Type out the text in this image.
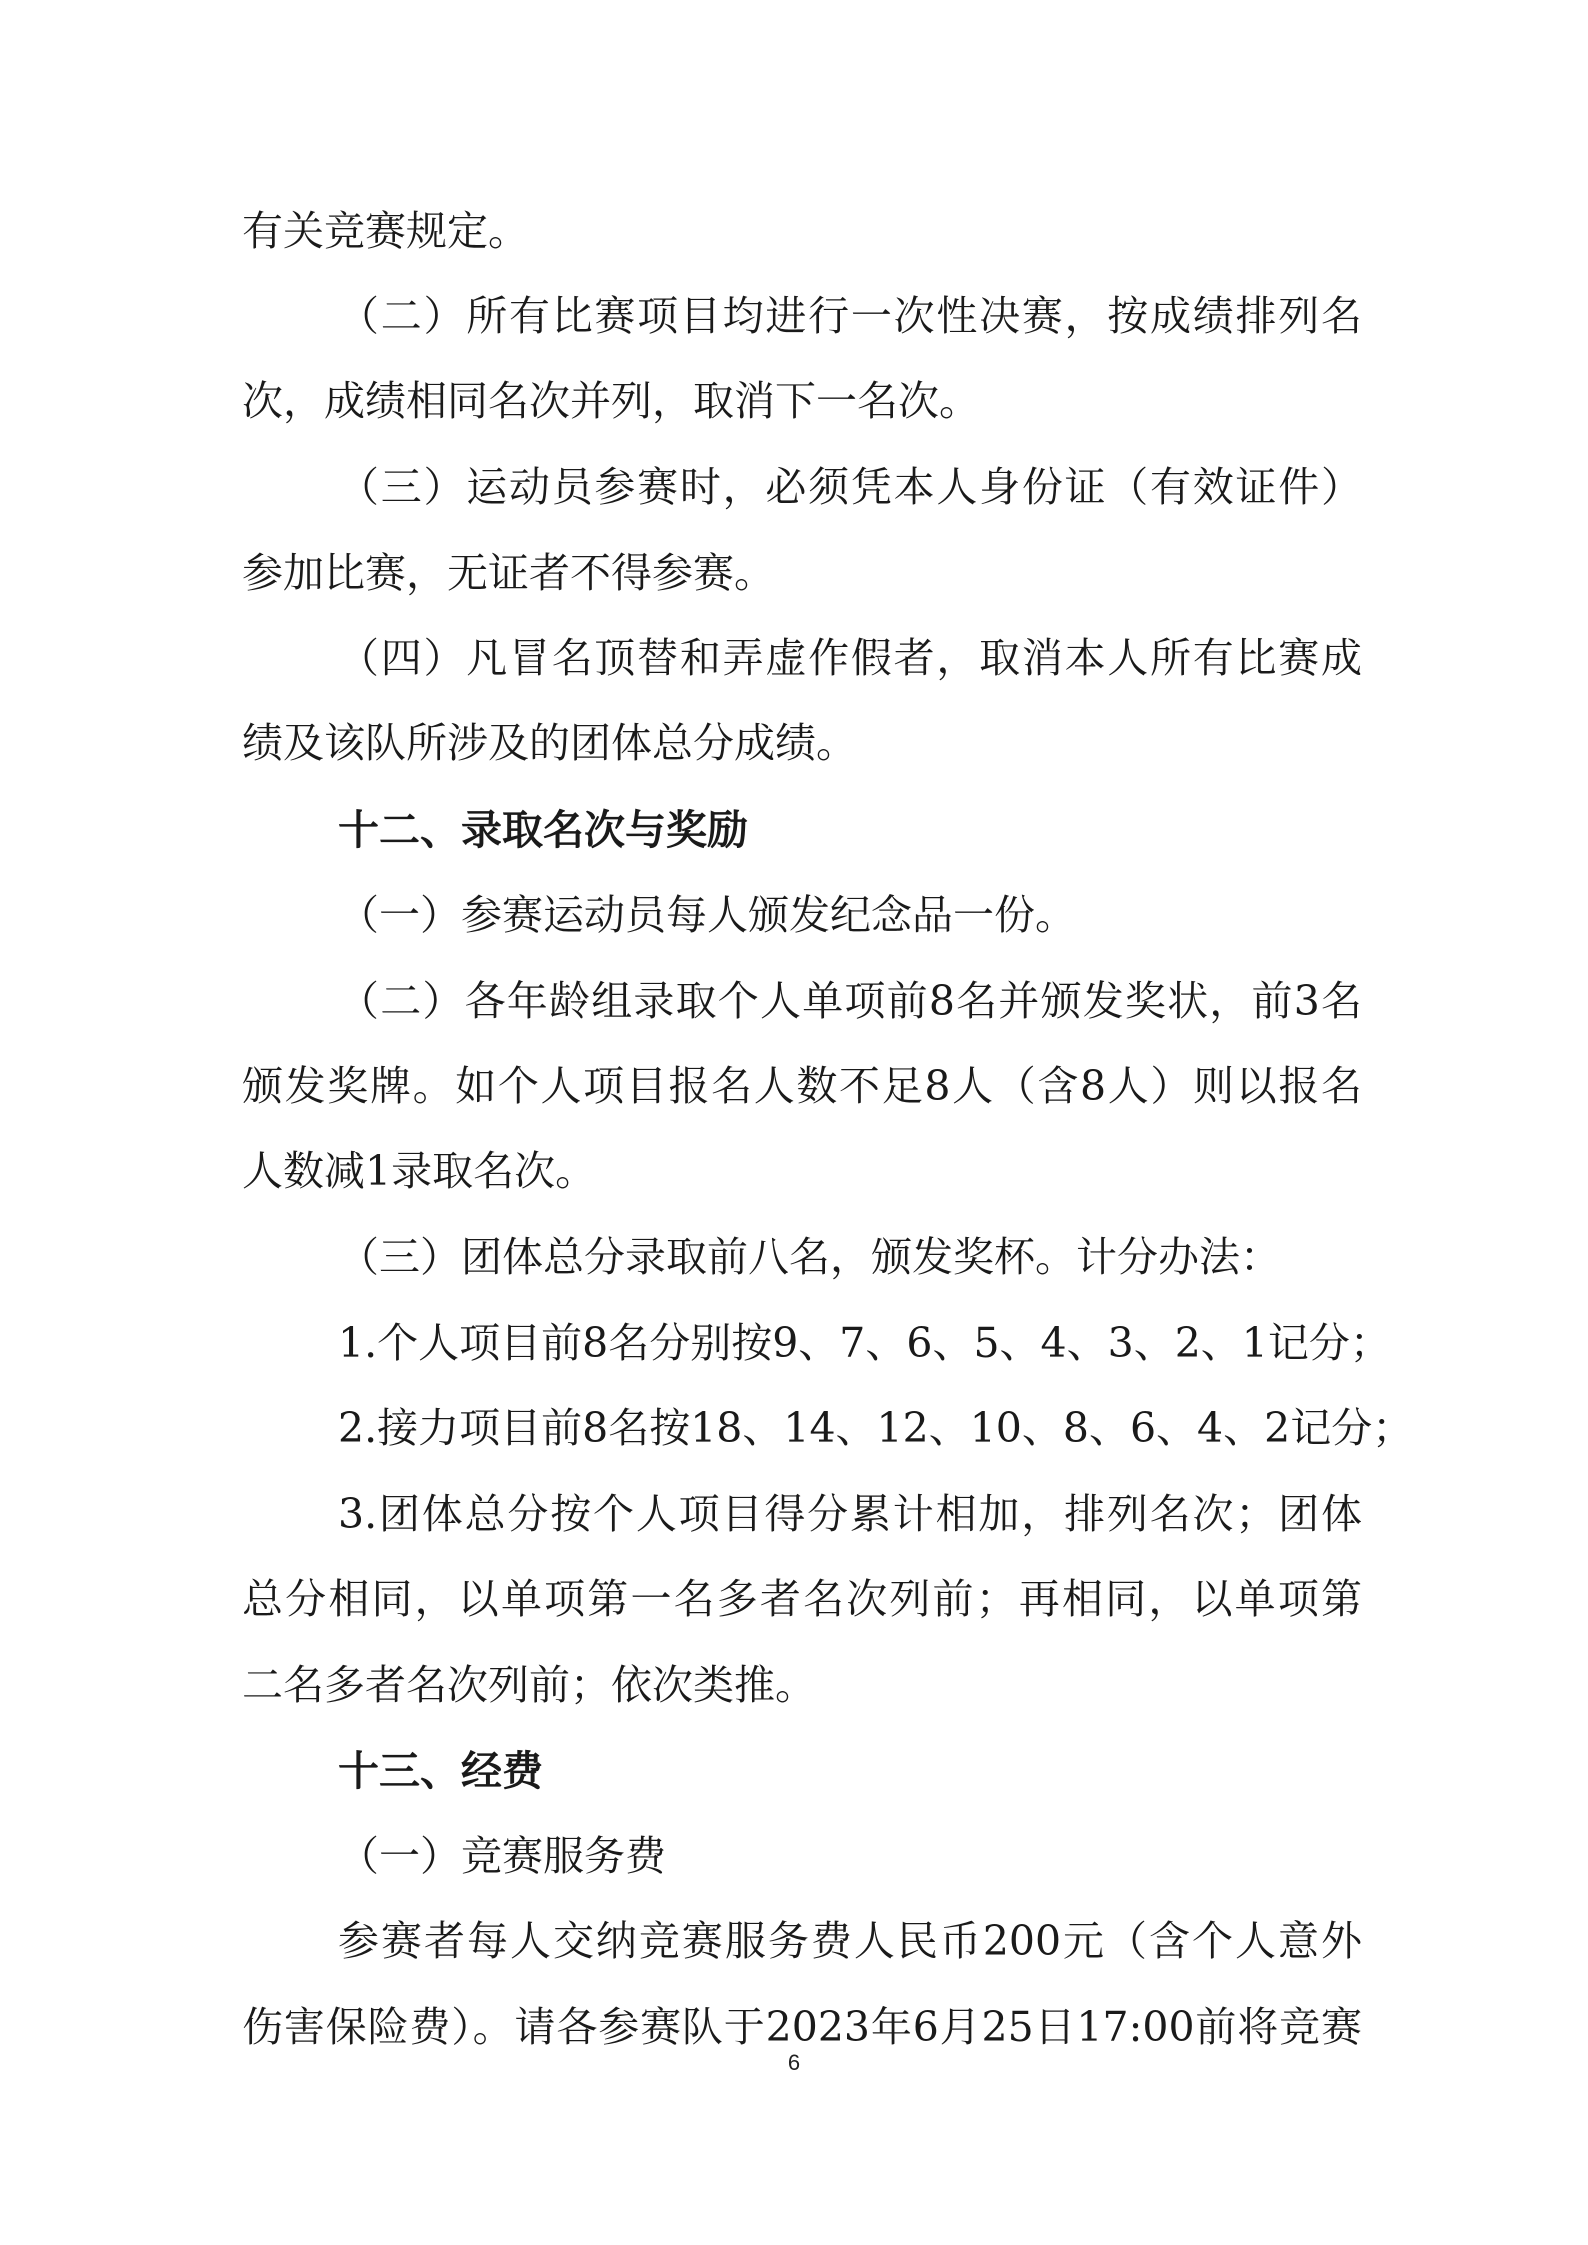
有关竞赛规定。

（二）所有比赛项目均进行一次性决赛，按成绩排列名

次，成绩相同名次并列，取消下一名次。

（三）运动员参赛时，必须凭本人身份证（有效证件）

参加比赛，无证者不得参赛。

（四）凡冒名顶替和弄虚作假者，取消本人所有比赛成

绩及该队所涉及的团体总分成绩。

十二、录取名次与奖励

（一）参赛运动员每人颁发纪念品一份。

（二）各年龄组录取个人单项前8名并颁发奖状，前3名

颁发奖牌。如个人项目报名人数不足8人（含8人）则以报名

人数减1录取名次。

（三）团体总分录取前八名，颁发奖杯。计分办法：

1.个人项目前8名分别按9、7、6、5、4、3、2、1记分；

2.接力项目前8名按18、14、12、10、8、6、4、2记分；

3.团体总分按个人项目得分累计相加，排列名次；团体

总分相同，以单项第一名多者名次列前；再相同，以单项第

二名多者名次列前；依次类推。

十三、经费

（一）竞赛服务费

参赛者每人交纳竞赛服务费人民币200元（含个人意外

伤害保险费）。请各参赛队于2023年6月25日17:00前将竞赛

6
